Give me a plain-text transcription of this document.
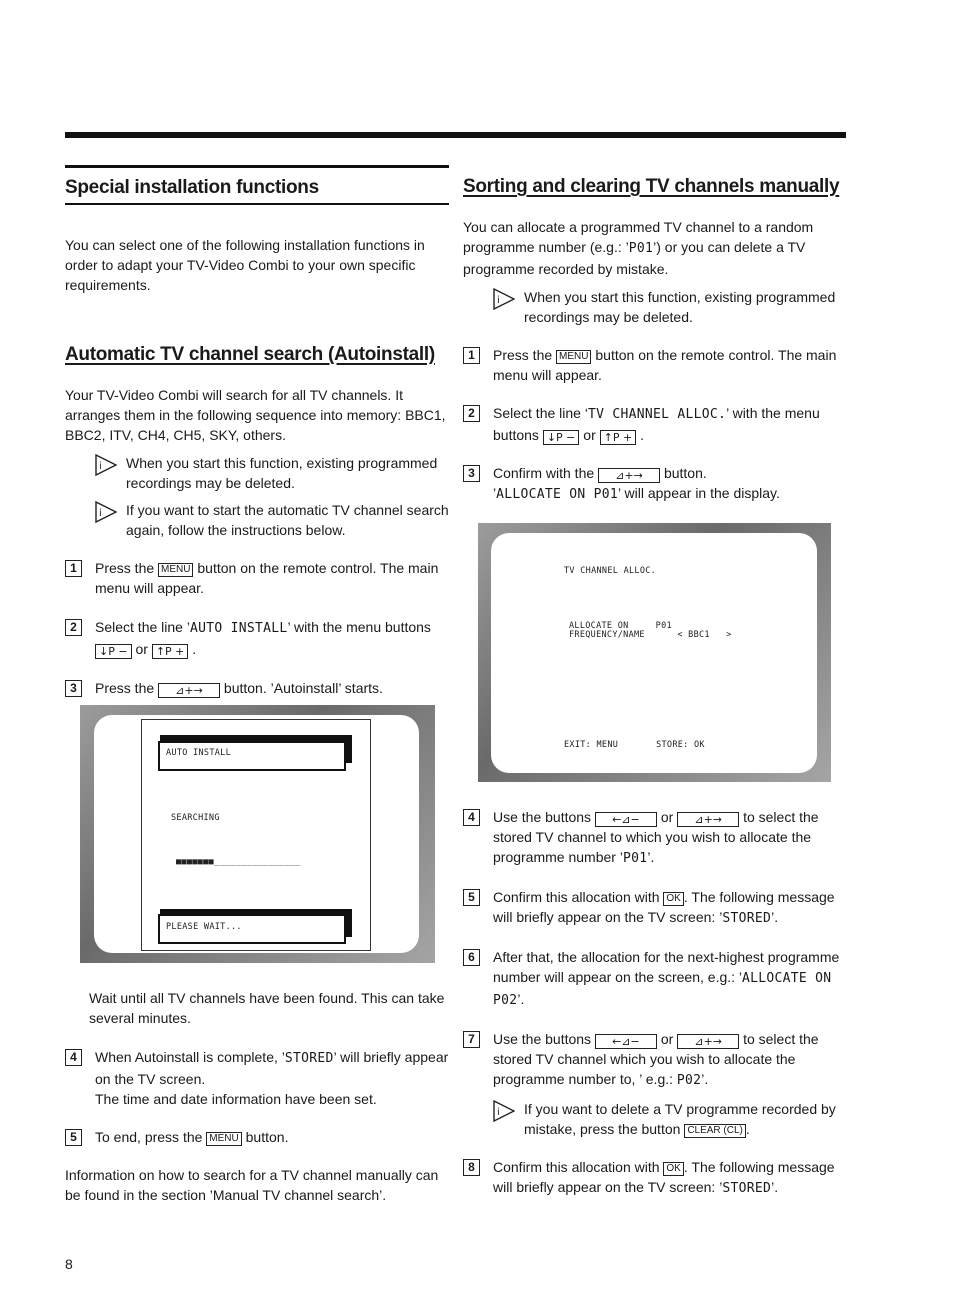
Special installation functions

You can select one of the following installation functions in order to adapt your TV-Video Combi to your own specific requirements.

Automatic TV channel search (Autoinstall)

Your TV-Video Combi will search for all TV channels. It arranges them in the following sequence into memory: BBC1, BBC2, ITV, CH4, CH5, SKY, others.

i When you start this function, existing programmed recordings may be deleted.
i If you want to start the automatic TV channel search again, follow the instructions below.
1	Press the MENU button on the remote control. The main menu will appear.
2	Select the line ’AUTO INSTALL’ with the menu buttons ↓P − or ↑P + .
3	Press the ⊿+→ button. ’Autoinstall’ starts.
AUTO INSTALL
SEARCHING
■■■■■■■________________
PLEASE WAIT...

Wait until all TV channels have been found. This can take several minutes.

4	When Autoinstall is complete, ’STORED’ will briefly appear on the TV screen.
The time and date information have been set.
5	To end, press the MENU button.

Information on how to search for a TV channel manually can be found in the section ’Manual TV channel search’.

Sorting and clearing TV channels manually

You can allocate a programmed TV channel to a random programme number (e.g.: ’P01’) or you can delete a TV programme recorded by mistake.

i When you start this function, existing programmed recordings may be deleted.
1	Press the MENU button on the remote control. The main menu will appear.
2	Select the line ‘TV CHANNEL ALLOC.’ with the menu buttons ↓P − or ↑P + .
3	Confirm with the ⊿+→ button.
’ALLOCATE ON P01’ will appear in the display.
TV CHANNEL ALLOC.
ALLOCATE ON     P01
FREQUENCY/NAME      < BBC1   >
EXIT: MENU       STORE: OK
4	Use the buttons ←⊿− or ⊿+→ to select the stored TV channel to which you wish to allocate the programme number ’P01’.
5	Confirm this allocation with OK . The following message will briefly appear on the TV screen: ’STORED’.
6	After that, the allocation for the next-highest programme number will appear on the screen, e.g.: ’ALLOCATE ON P02’.
7	Use the buttons ←⊿− or ⊿+→ to select the stored TV channel which you wish to allocate the programme number to, ’ e.g.: P02’.
i If you want to delete a TV programme recorded by mistake, press the button CLEAR (CL) .
8	Confirm this allocation with OK . The following message will briefly appear on the TV screen: ’STORED’.
8
